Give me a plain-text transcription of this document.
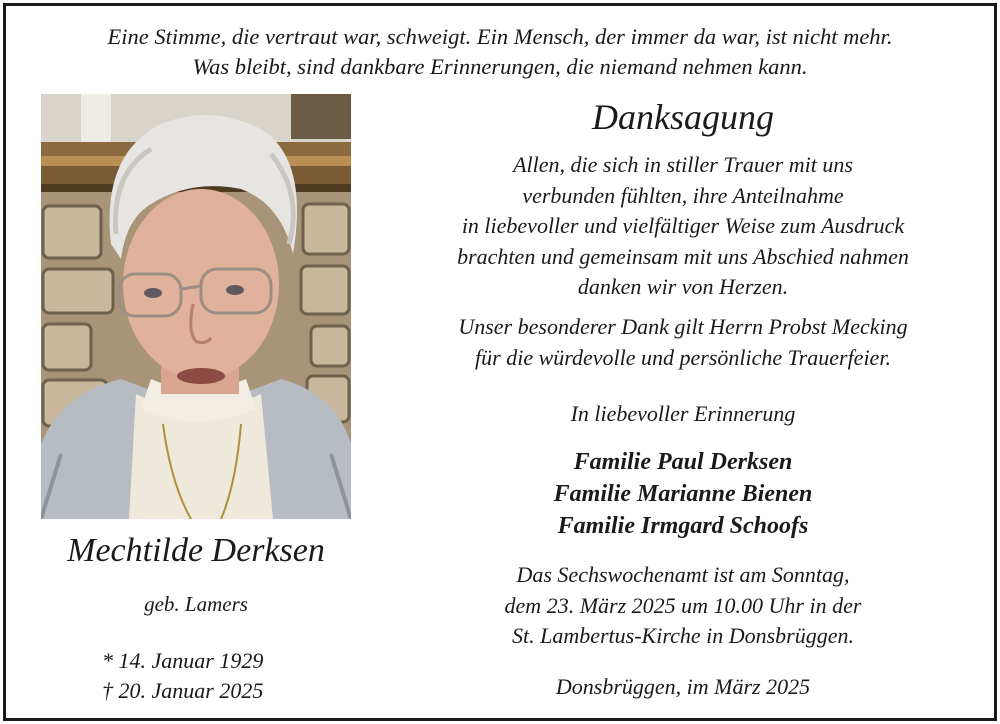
Eine Stimme, die vertraut war, schweigt. Ein Mensch, der immer da war, ist nicht mehr.
Was bleibt, sind dankbare Erinnerungen, die niemand nehmen kann.
Mechtilde Derksen
geb. Lamers
* 14. Januar 1929
† 20. Januar 2025
Danksagung
Allen, die sich in stiller Trauer mit uns
verbunden fühlten, ihre Anteilnahme
in liebevoller und vielfältiger Weise zum Ausdruck
brachten und gemeinsam mit uns Abschied nahmen
danken wir von Herzen.
Unser besonderer Dank gilt Herrn Probst Mecking
für die würdevolle und persönliche Trauerfeier.
In liebevoller Erinnerung
Familie Paul Derksen
Familie Marianne Bienen
Familie Irmgard Schoofs
Das Sechswochenamt ist am Sonntag,
dem 23. März 2025 um 10.00 Uhr in der
St. Lambertus-Kirche in Donsbrüggen.
Donsbrüggen, im März 2025
